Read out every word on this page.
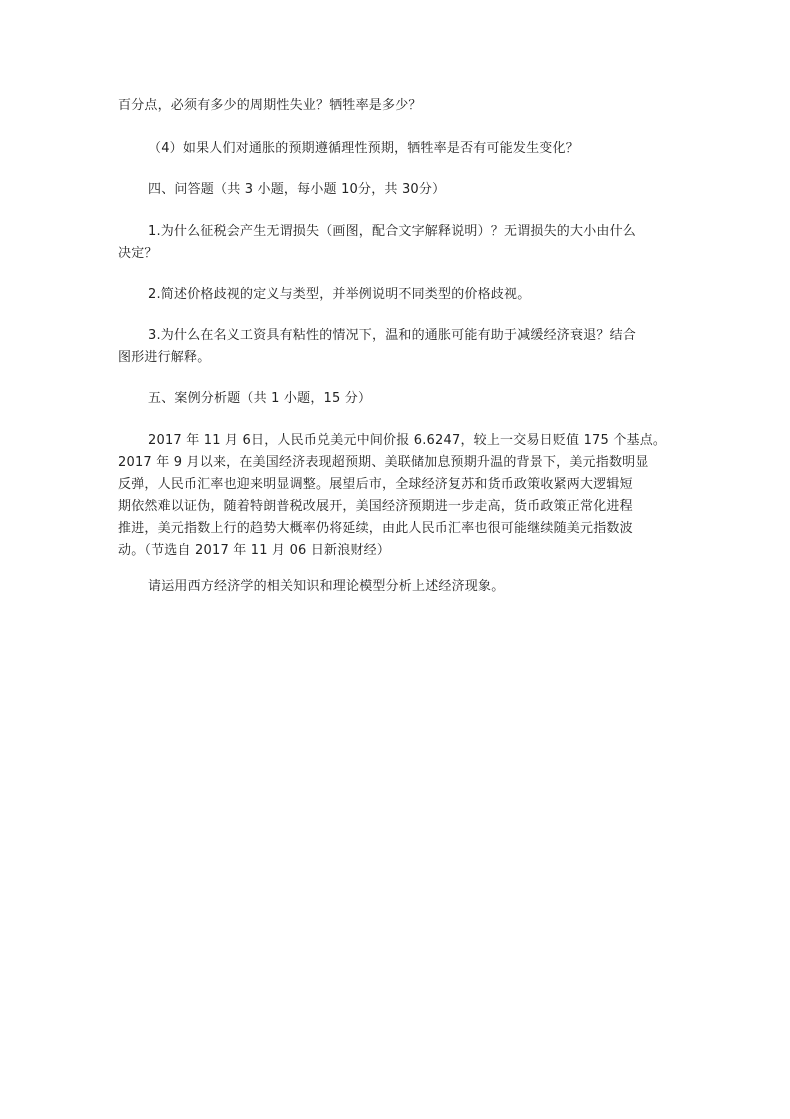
百分点，必须有多少的周期性失业？牺牲率是多少？

（4）如果人们对通胀的预期遵循理性预期，牺牲率是否有可能发生变化？

四、问答题（共 3 小题，每小题 10分，共 30分）

1.为什么征税会产生无谓损失（画图，配合文字解释说明）？无谓损失的大小由什么
决定？

2.简述价格歧视的定义与类型，并举例说明不同类型的价格歧视。

3.为什么在名义工资具有粘性的情况下，温和的通胀可能有助于减缓经济衰退？结合
图形进行解释。

五、案例分析题（共 1 小题，15 分）

2017 年 11 月 6日，人民币兑美元中间价报 6.6247，较上一交易日贬值 175 个基点。
2017 年 9 月以来，在美国经济表现超预期、美联储加息预期升温的背景下，美元指数明显
反弹，人民币汇率也迎来明显调整。展望后市，全球经济复苏和货币政策收紧两大逻辑短
期依然难以证伪，随着特朗普税改展开，美国经济预期进一步走高，货币政策正常化进程
推进，美元指数上行的趋势大概率仍将延续，由此人民币汇率也很可能继续随美元指数波
动。（节选自 2017 年 11 月 06 日新浪财经）

请运用西方经济学的相关知识和理论模型分析上述经济现象。
